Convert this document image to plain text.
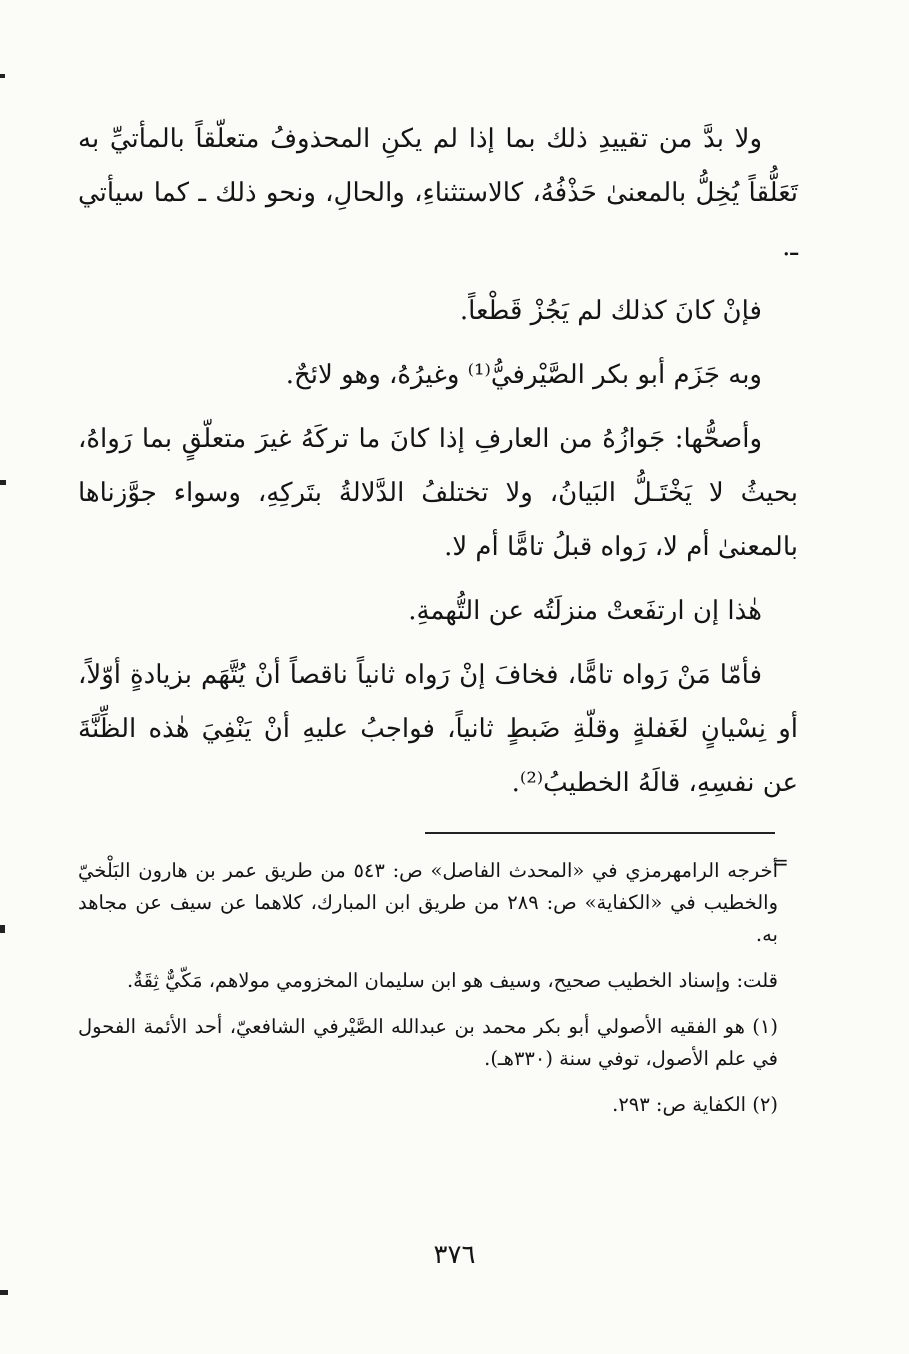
ولا بدَّ من تقييدِ ذلك بما إذا لم يكنِ المحذوفُ متعلّقاً بالمأتيِّ به تَعَلُّقاً يُخِلُّ بالمعنىٰ حَذْفُهُ، كالاستثناءِ، والحالِ، ونحو ذلك ـ كما سيأتي ـ.

فإنْ كانَ كذلك لم يَجُزْ قَطْعاً.

وبه جَزَم أبو بكر الصَّيْرفيُّ⁽¹⁾ وغيرُهُ، وهو لائحٌ.

وأصحُّها: جَوازُهُ من العارفِ إذا كانَ ما تركَهُ غيرَ متعلّقٍ بما رَواهُ، بحيثُ لا يَخْتَـلُّ البَيانُ، ولا تختلفُ الدَّلالةُ بتَركِهِ، وسواء جوَّزناها بالمعنىٰ أم لا، رَواه قبلُ تامًّا أم لا.

هٰذا إن ارتفَعتْ منزلَتُه عن التُّهمةِ.

فأمّا مَنْ رَواه تامًّا، فخافَ إنْ رَواه ثانياً ناقصاً أنْ يُتَّهَم بزيادةٍ أوّلاً، أو نِسْيانٍ لغَفلةٍ وقلّةِ ضَبطٍ ثانياً، فواجبُ عليهِ أنْ يَنْفِيَ هٰذه الظِّنَّةَ عن نفسِهِ، قالَهُ الخطيبُ⁽²⁾.

=

أخرجه الرامهرمزي في «المحدث الفاصل» ص: ٥٤٣ من طريق عمر بن هارون البَلْخيّ والخطيب في «الكفاية» ص: ٢٨٩ من طريق ابن المبارك، كلاهما عن سيف عن مجاهد به.

قلت: وإسناد الخطيب صحيح، وسيف هو ابن سليمان المخزومي مولاهم، مَكّيٌّ ثِقَةٌ.

(١) هو الفقيه الأصولي أبو بكر محمد بن عبدالله الصَّيْرفي الشافعيّ، أحد الأئمة الفحول في علم الأصول، توفي سنة (٣٣٠هـ).

(٢) الكفاية ص: ٢٩٣.

٣٧٦
